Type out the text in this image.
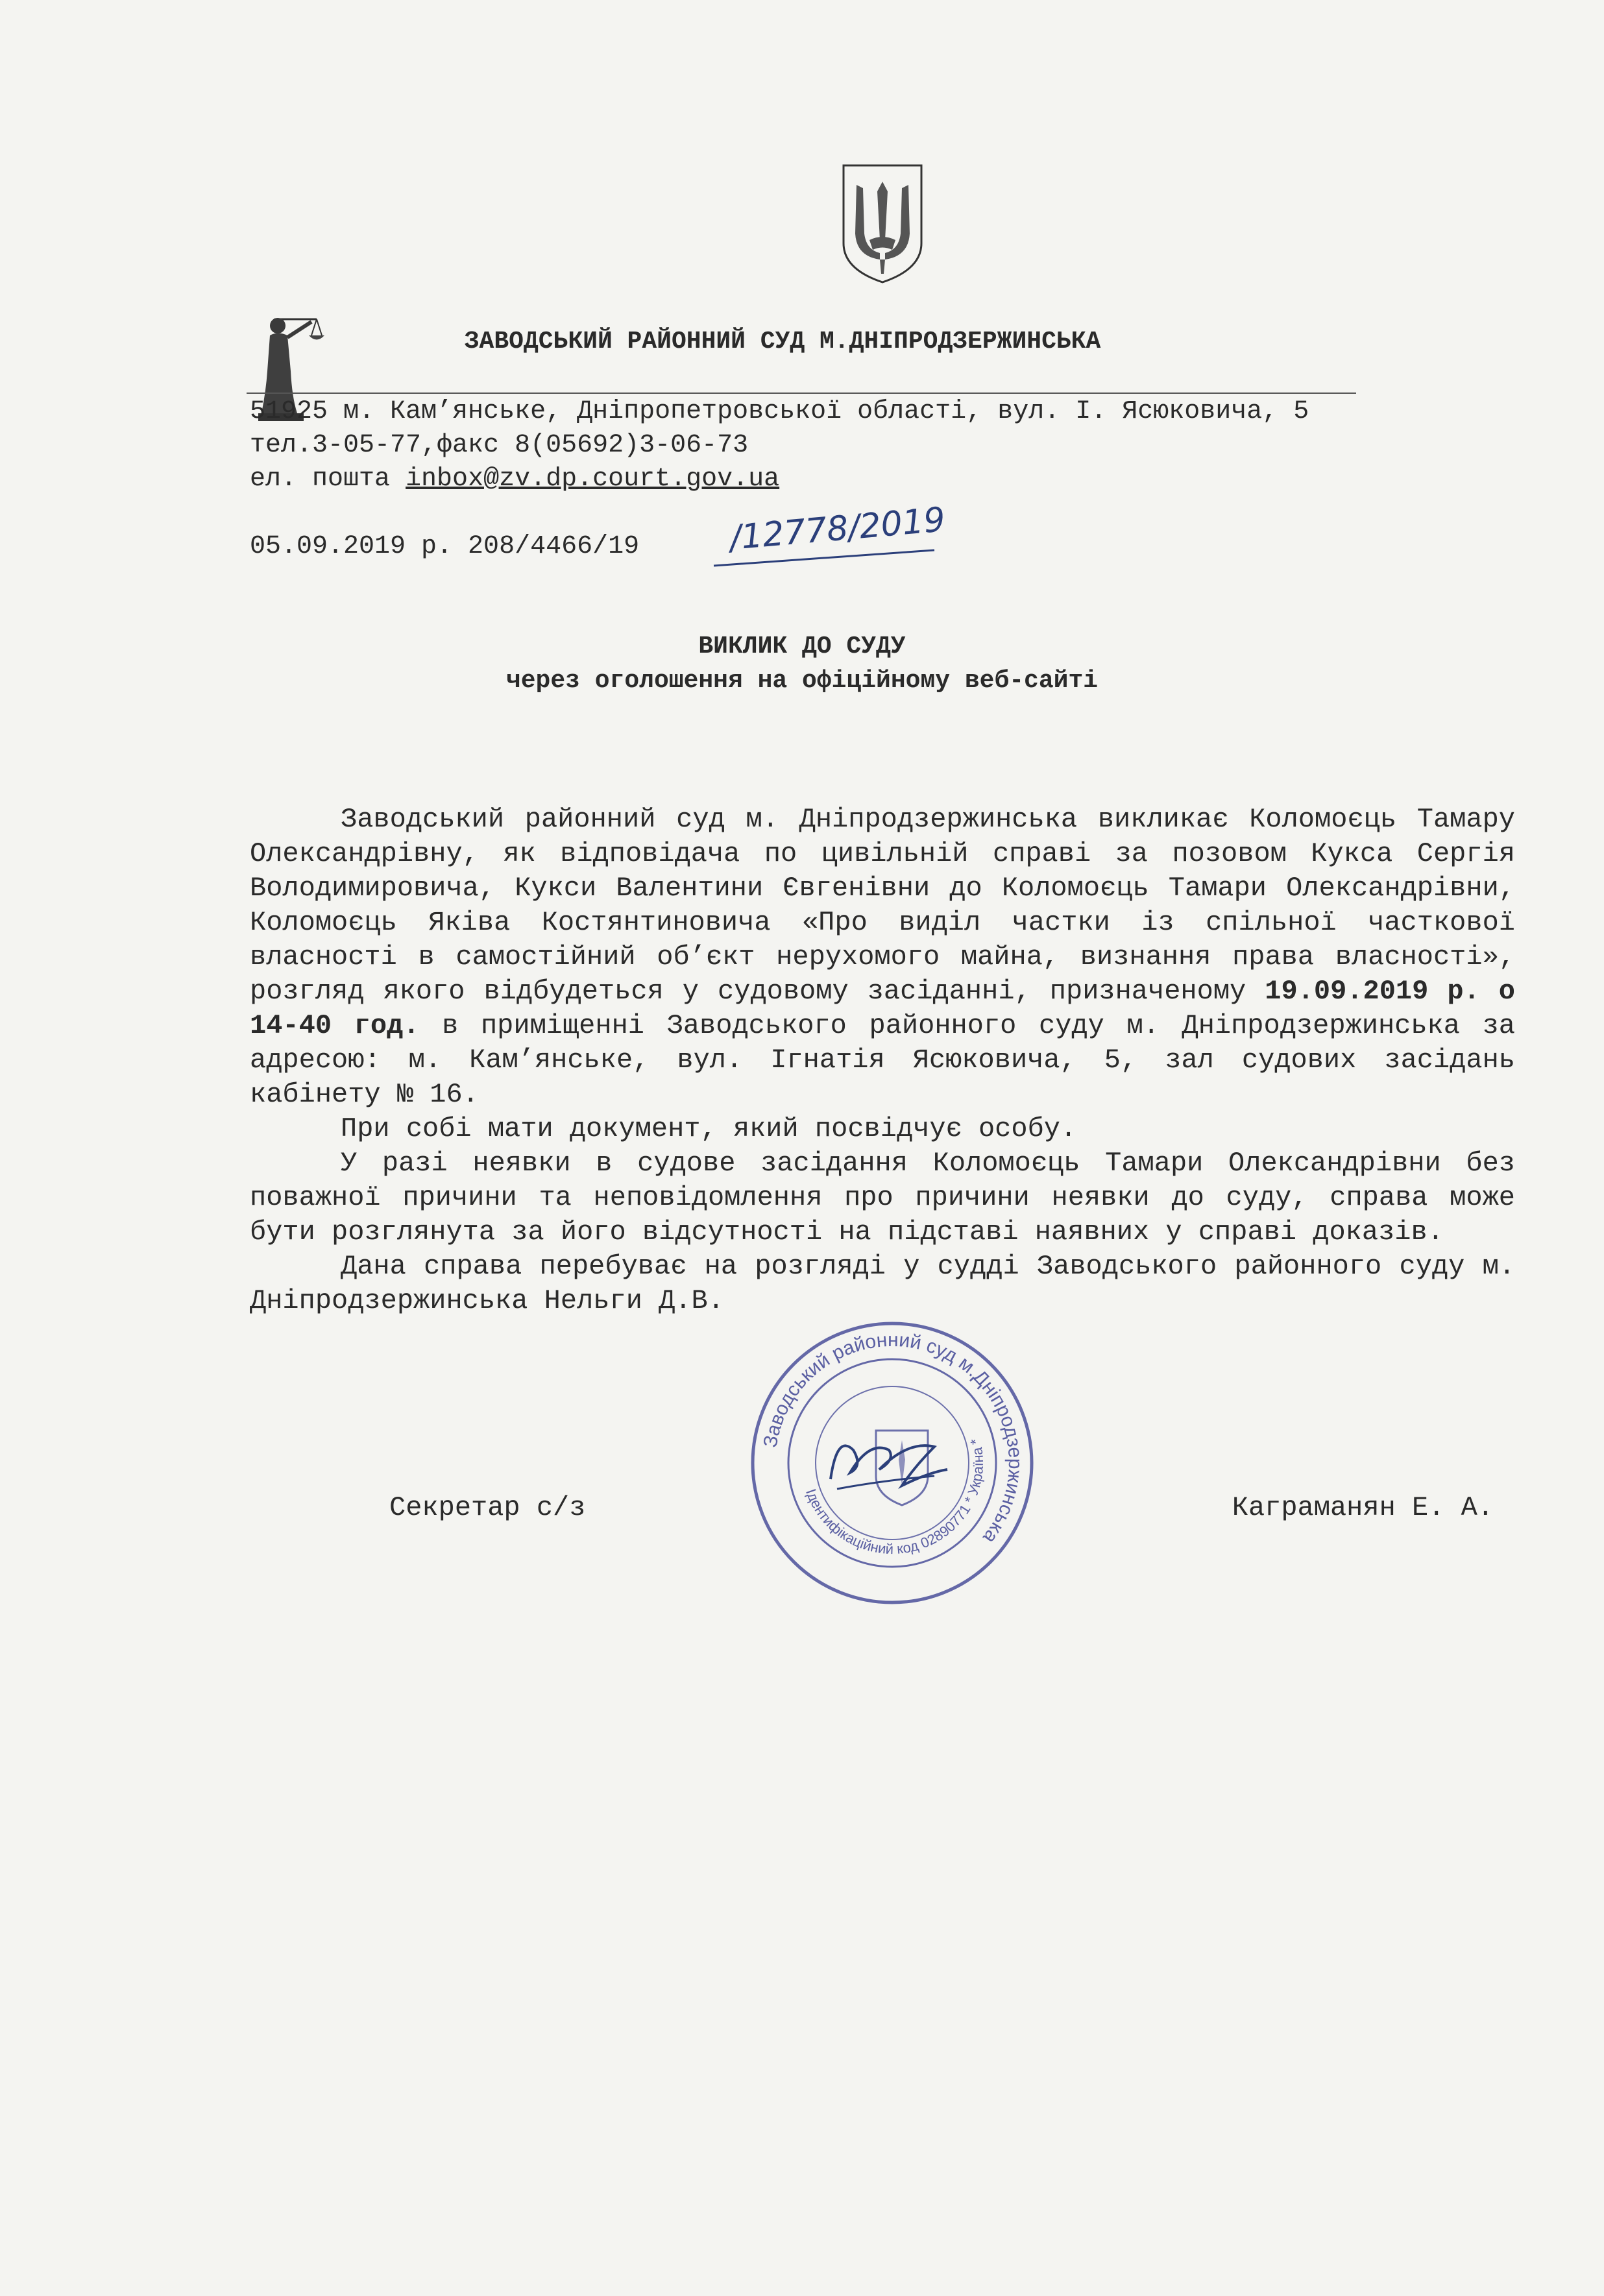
ЗАВОДСЬКИЙ РАЙОННИЙ СУД М.ДНІПРОДЗЕРЖИНСЬКА
51925 м. Кам’янське, Дніпропетровської області, вул. І. Ясюковича, 5
тел.3-05-77,факс 8(05692)3-06-73
ел. пошта inbox@zv.dp.court.gov.ua
05.09.2019 р. 208/4466/19	/12778/2019
ВИКЛИК ДО СУДУ
через оголошення на офіційному веб-сайті

Заводський районний суд м. Дніпродзержинська викликає Коломоєць Тамару Олександрівну, як відповідача по цивільній справі за позовом Кукса Сергія Володимировича, Кукси Валентини Євгенівни до Коломоєць Тамари Олександрівни, Коломоєць Яківа Костянтиновича «Про виділ частки із спільної часткової власності в самостійний об’єкт нерухомого майна, визнання права власності», розгляд якого відбудеться у судовому засіданні, призначеному 19.09.2019 р. о 14-40 год. в приміщенні Заводського районного суду м. Дніпродзержинська за адресою: м. Кам’янське, вул. Ігнатія Ясюковича, 5, зал судових засідань кабінету № 16.

При собі мати документ, який посвідчує особу.

У разі неявки в судове засідання Коломоєць Тамари Олександрівни без поважної причини та неповідомлення про причини неявки до суду, справа може бути розглянута за його відсутності на підставі наявних у справі доказів.

Дана справа перебуває на розгляді у судді Заводського районного суду м. Дніпродзержинська Нельги Д.В.

Секретар с/з	Каграманян Е. А.
Заводський районний суд м.Дніпродзержинська
Ідентифікаційний код 02890771 * Україна *
